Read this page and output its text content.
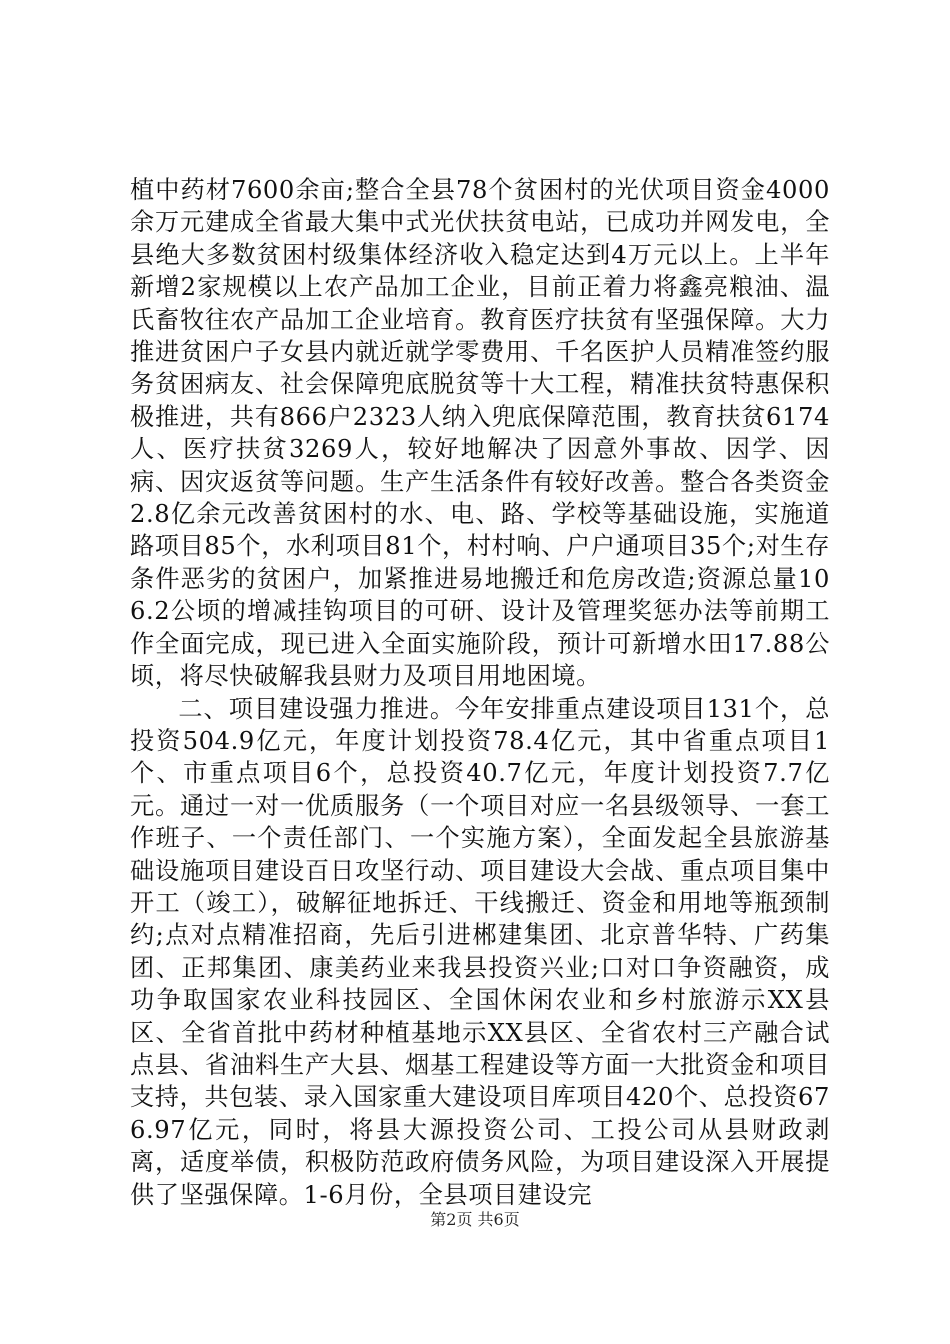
植中药材7600余亩;整合全县78个贫困村的光伏项目资金4000余万元建成全省最大集中式光伏扶贫电站，已成功并网发电，全县绝大多数贫困村级集体经济收入稳定达到4万元以上。上半年新增2家规模以上农产品加工企业，目前正着力将鑫亮粮油、温氏畜牧往农产品加工企业培育。教育医疗扶贫有坚强保障。大力推进贫困户子女县内就近就学零费用、千名医护人员精准签约服务贫困病友、社会保障兜底脱贫等十大工程，精准扶贫特惠保积极推进，共有866户2323人纳入兜底保障范围，教育扶贫6174人、医疗扶贫3269人，较好地解决了因意外事故、因学、因病、因灾返贫等问题。生产生活条件有较好改善。整合各类资金2.8亿余元改善贫困村的水、电、路、学校等基础设施，实施道路项目85个，水利项目81个，村村响、户户通项目35个;对生存条件恶劣的贫困户，加紧推进易地搬迁和危房改造;资源总量106.2公顷的增减挂钩项目的可研、设计及管理奖惩办法等前期工作全面完成，现已进入全面实施阶段，预计可新增水田17.88公顷，将尽快破解我县财力及项目用地困境。

二、项目建设强力推进。今年安排重点建设项目131个，总投资504.9亿元，年度计划投资78.4亿元，其中省重点项目1个、市重点项目6个，总投资40.7亿元，年度计划投资7.7亿元。通过一对一优质服务（一个项目对应一名县级领导、一套工作班子、一个责任部门、一个实施方案），全面发起全县旅游基础设施项目建设百日攻坚行动、项目建设大会战、重点项目集中开工（竣工），破解征地拆迁、干线搬迁、资金和用地等瓶颈制约;点对点精准招商，先后引进郴建集团、北京普华特、广药集团、正邦集团、康美药业来我县投资兴业;口对口争资融资，成功争取国家农业科技园区、全国休闲农业和乡村旅游示XX县区、全省首批中药材种植基地示XX县区、全省农村三产融合试点县、省油料生产大县、烟基工程建设等方面一大批资金和项目支持，共包装、录入国家重大建设项目库项目420个、总投资676.97亿元，同时，将县大源投资公司、工投公司从县财政剥离，适度举债，积极防范政府债务风险，为项目建设深入开展提供了坚强保障。1-6月份，全县项目建设完

第2页 共6页
